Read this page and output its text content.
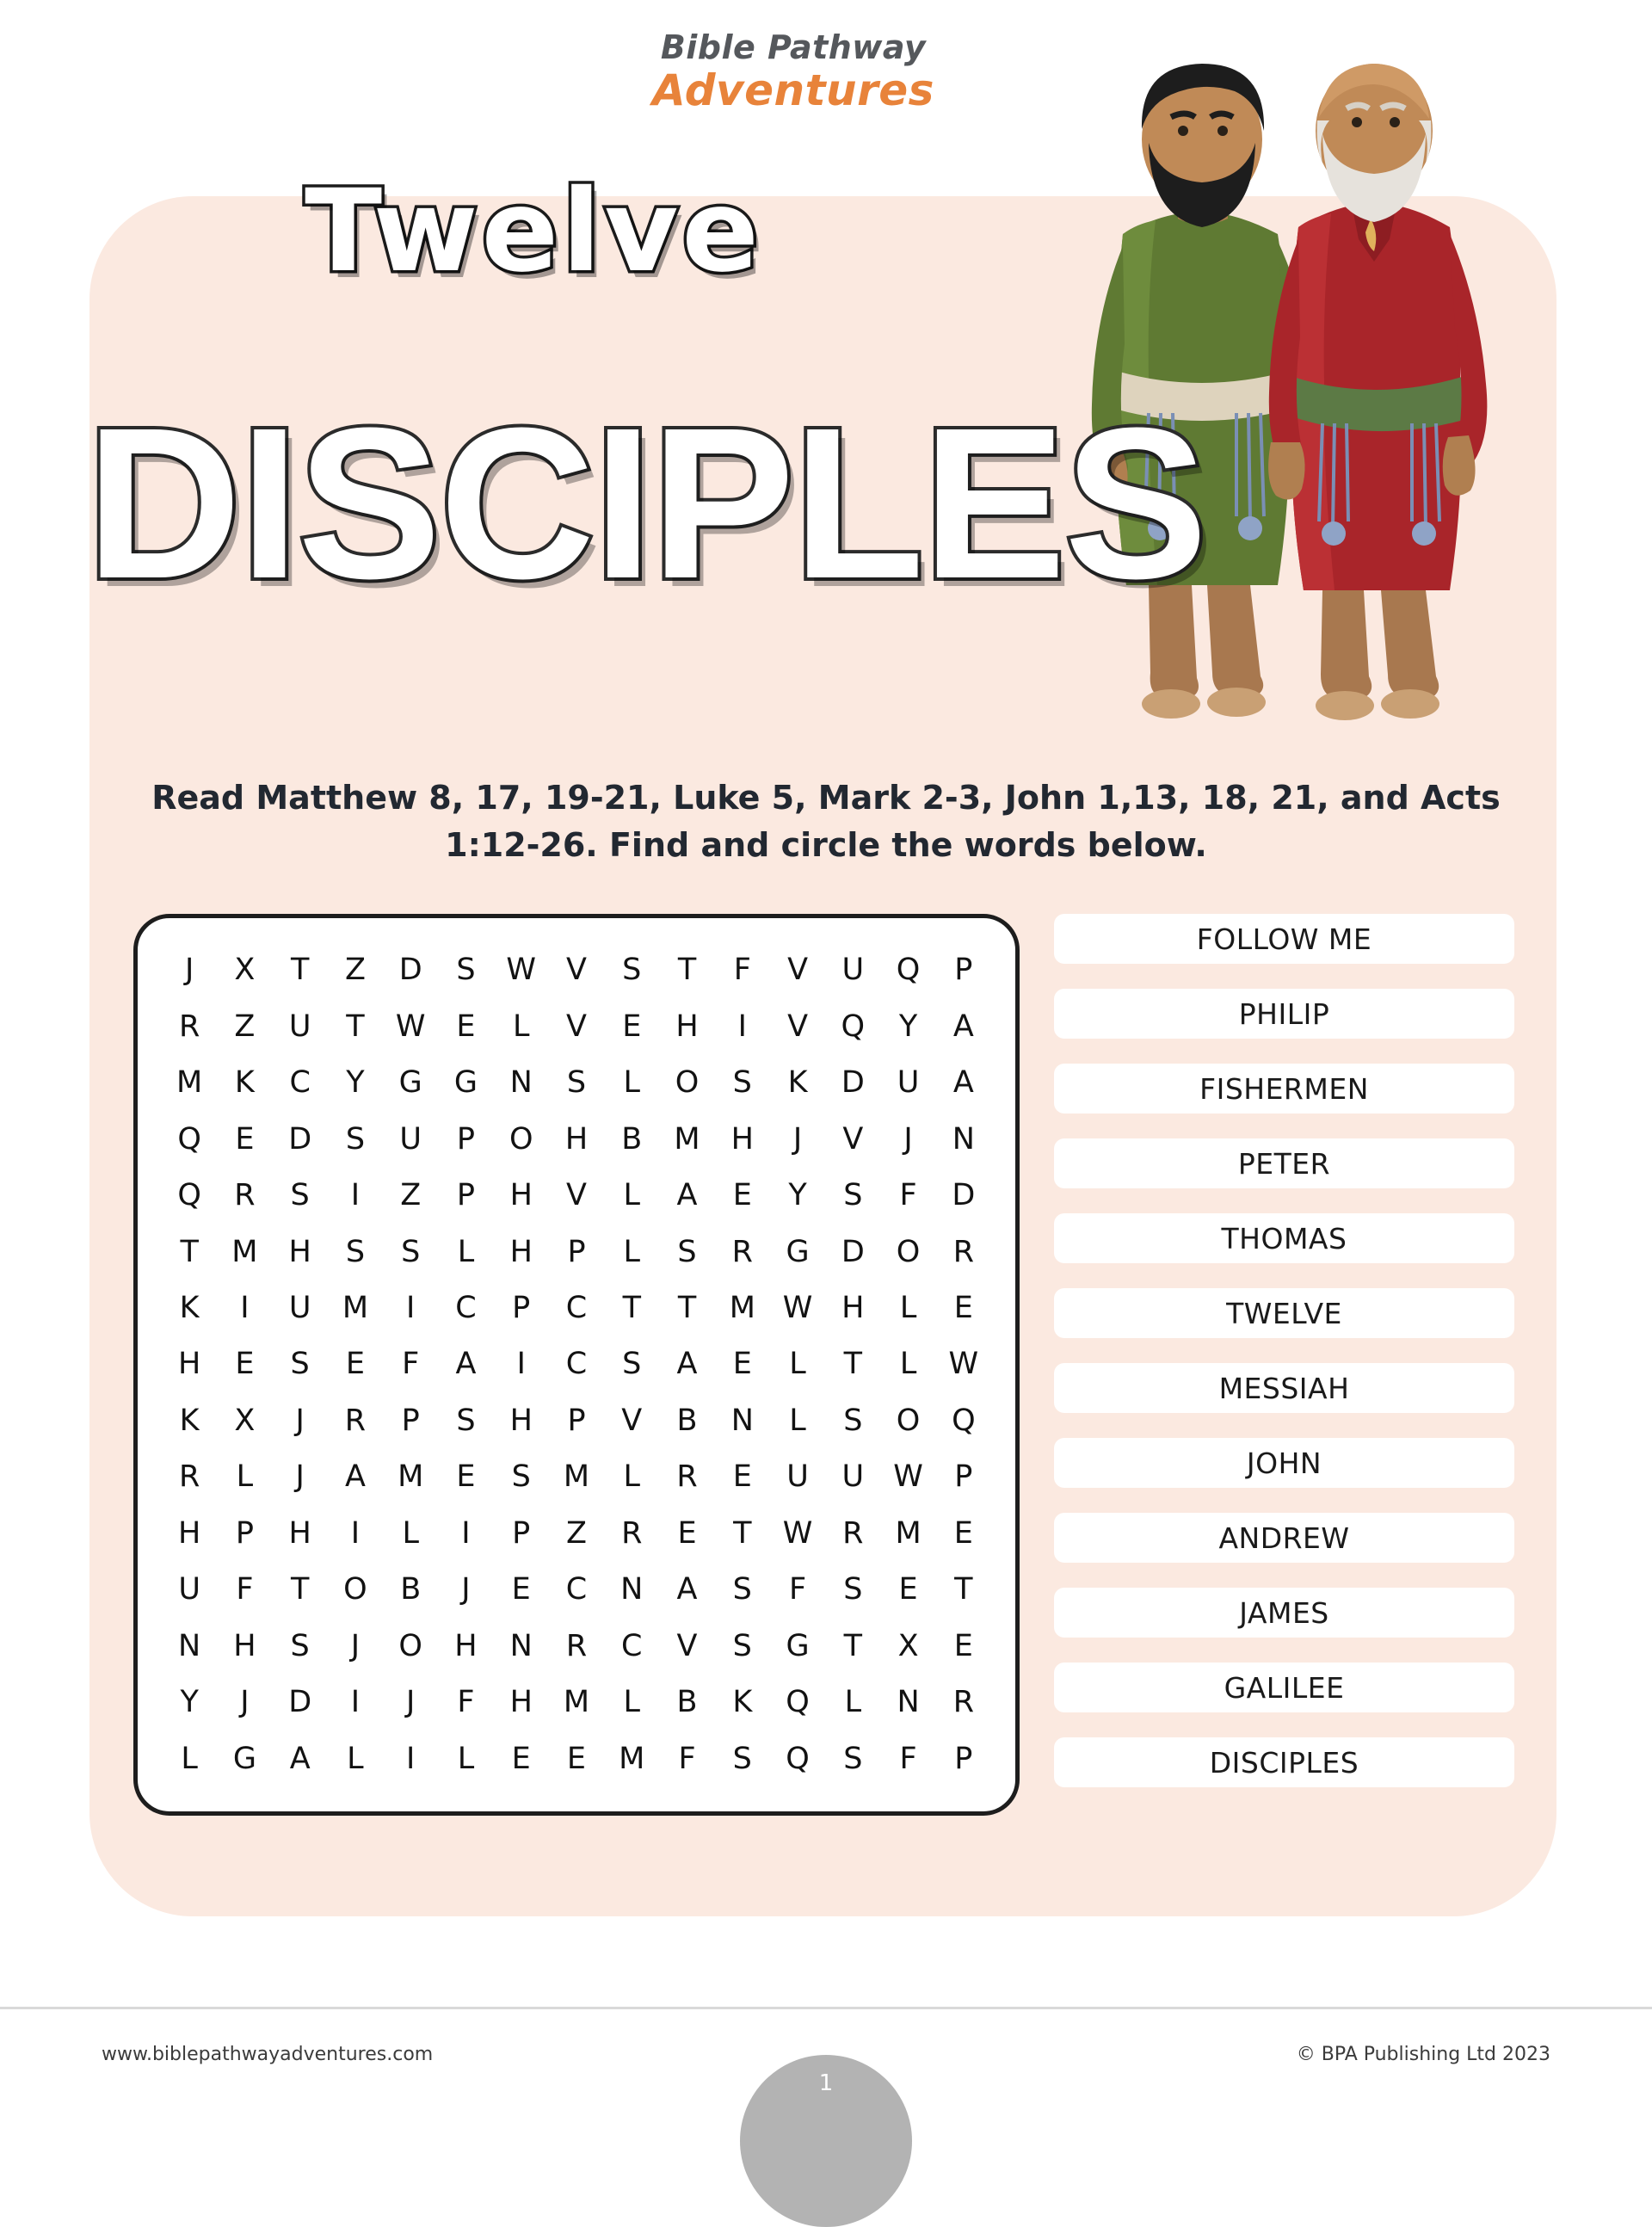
Bible Pathway
Adventures
Twelve
DISCIPLES
Read Matthew 8, 17, 19-21, Luke 5, Mark 2-3, John 1,13, 18, 21, and Acts 1:12-26. Find and circle the words below.
J X T Z D S W V S T F V U Q P
R Z U T W E L V E H I V Q Y A
M K C Y G G N S L O S K D U A
Q E D S U P O H B M H J V J N
Q R S I Z P H V L A E Y S F D
T M H S S L H P L S R G D O R
K I U M I C P C T T M W H L E
H E S E F A I C S A E L T L W
K X J R P S H P V B N L S O Q
R L J A M E S M L R E U U W P
H P H I L I P Z R E T W R M E
U F T O B J E C N A S F S E T
N H S J O H N R C V S G T X E
Y J D I J F H M L B K Q L N R
L G A L I L E E M F S Q S F P
FOLLOW ME
PHILIP
FISHERMEN
PETER
THOMAS
TWELVE
MESSIAH
JOHN
ANDREW
JAMES
GALILEE
DISCIPLES
www.biblepathwayadventures.com	© BPA Publishing Ltd 2023
1
